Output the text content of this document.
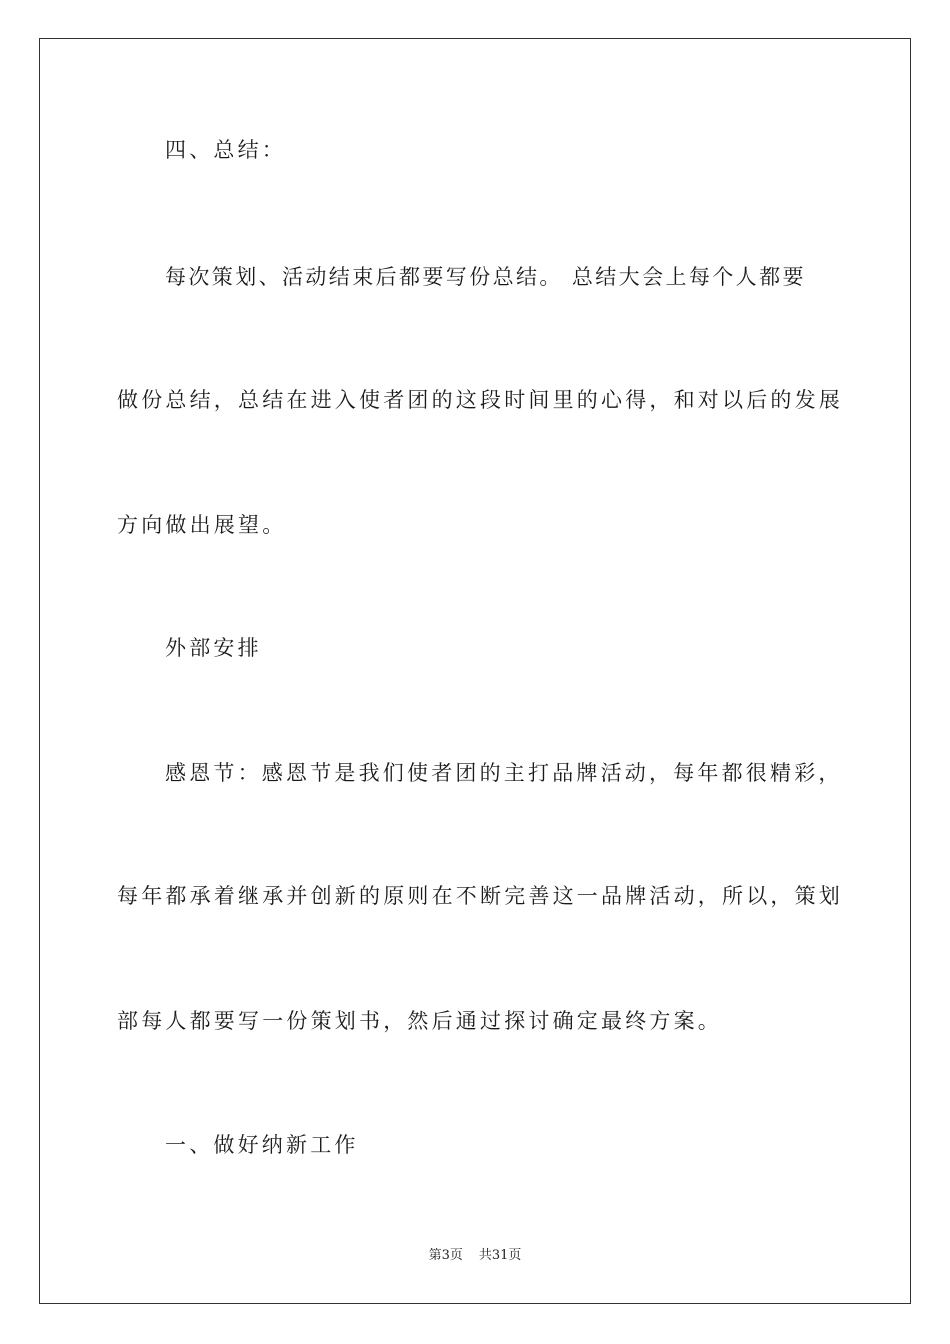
四、总结：
每次策划、活动结束后都要写份总结。 总结大会上每个人都要
做份总结，总结在进入使者团的这段时间里的心得，和对以后的发展
方向做出展望。
外部安排
感恩节：感恩节是我们使者团的主打品牌活动，每年都很精彩，
每年都承着继承并创新的原则在不断完善这一品牌活动，所以，策划
部每人都要写一份策划书，然后通过探讨确定最终方案。
一、做好纳新工作
第3页 共31页
